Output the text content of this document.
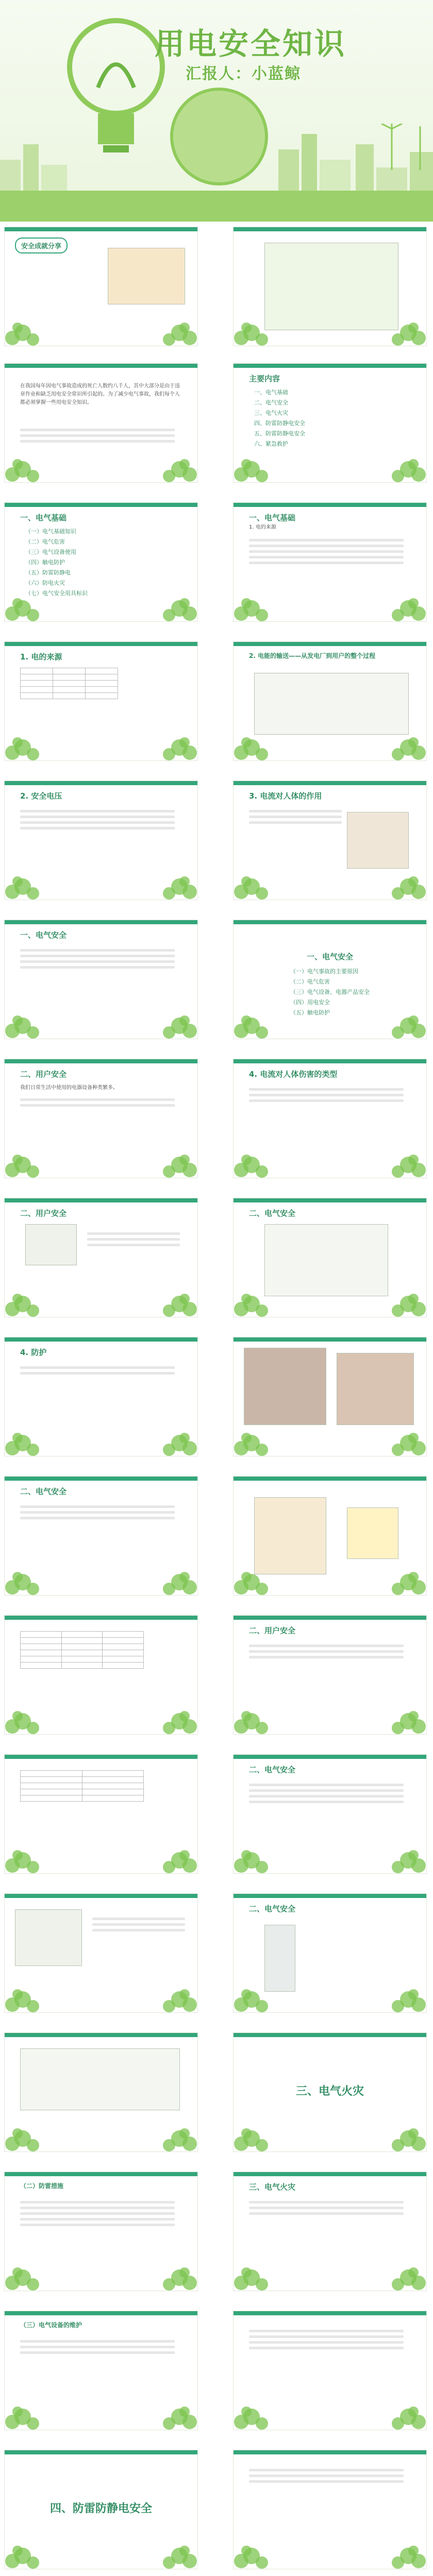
用电安全知识
汇报人：小蓝鲸
安全成就分享
在我国每年因电气事故造成的死亡人数约八千人，其中大部分是由于违章作业和缺乏用电安全常识所引起的。为了减少电气事故，我们每个人都必须掌握一些用电安全知识。
主要内容
一、电气基础
二、电气安全
三、电气火灾
四、防雷防静电安全
五、防雷防静电安全
六、紧急救护
一、电气基础
（一）电气基础知识
（二）电气危害
（三）电气设备使用
（四）触电防护
（五）防雷防静电
（六）防电火灾
（七）电气安全用具标识
一、电气基础
1. 电的来源
1. 电的来源

			2. 电能的输送——从发电厂到用户的整个过程
2. 安全电压	3. 电流对人体的作用
一、电气安全
一、电气安全
（一）电气事故的主要原因
（二）电气危害
（三）电气设备、电器产品安全
（四）用电安全
（五）触电防护
二、用户安全
我们日常生活中使用的电器设备种类繁多。
4. 电流对人体伤害的类型
二、用户安全	二、电气安全
4. 防护
二、电气安全

二、用户安全

二、电气安全
二、电气安全
三、电气火灾
（二）防雷措施	三、电气火灾
（三）电气设备的维护
四、防雷防静电安全
